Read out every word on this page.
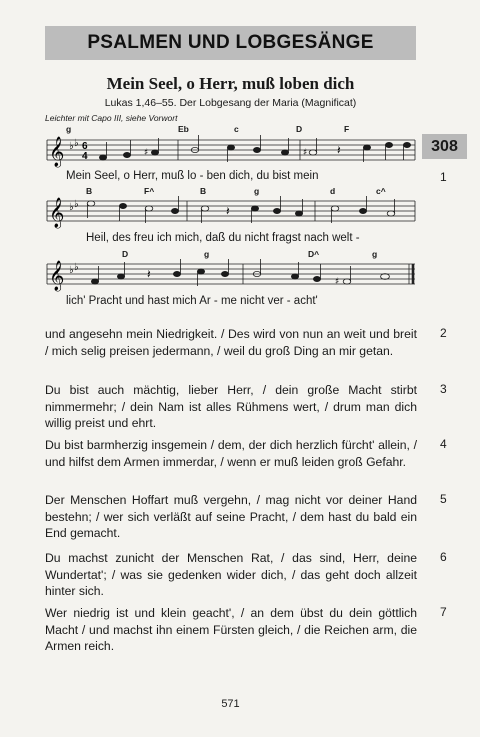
PSALMEN UND LOBGESÄNGE
Mein Seel, o Herr, muß loben dich
Lukas 1,46–55. Der Lobgesang der Maria (Magnificat)
Leichter mit Capo III, siehe Vorwort
308
g	Eb	c	D	F
𝄞 ♭ ♭ 6
4	♯	♯ 𝄽
Mein Seel, o Herr, muß lo - ben dich, du bist mein	1
B	F^	B	g	d	c^
𝄞 ♭ ♭	𝄽
Heil, des freu ich mich, daß du nicht fragst nach welt -
D	g	D^	g
𝄞 ♭ ♭
♯
𝄽
lich' Pracht und hast mich Ar - me nicht ver - acht'
und angesehn mein Niedrigkeit. / Des wird von nun an weit und breit / mich selig preisen jedermann, / weil du groß Ding an mir getan.
2
Du bist auch mächtig, lieber Herr, / dein große Macht stirbt nimmermehr; / dein Nam ist alles Rühmens wert, / drum man dich willig preist und ehrt.
3
Du bist barmherzig insgemein / dem, der dich herzlich fürcht' allein, / und hilfst dem Armen immerdar, / wenn er muß leiden groß Gefahr.
4
Der Menschen Hoffart muß vergehn, / mag nicht vor deiner Hand bestehn; / wer sich verläßt auf seine Pracht, / dem hast du bald ein End gemacht.
5
Du machst zunicht der Menschen Rat, / das sind, Herr, deine Wundertat'; / was sie gedenken wider dich, / das geht doch allzeit hinter sich.
6
Wer niedrig ist und klein geacht', / an dem übst du dein göttlich Macht / und machst ihn einem Fürsten gleich, / die Reichen arm, die Armen reich.
7
571
